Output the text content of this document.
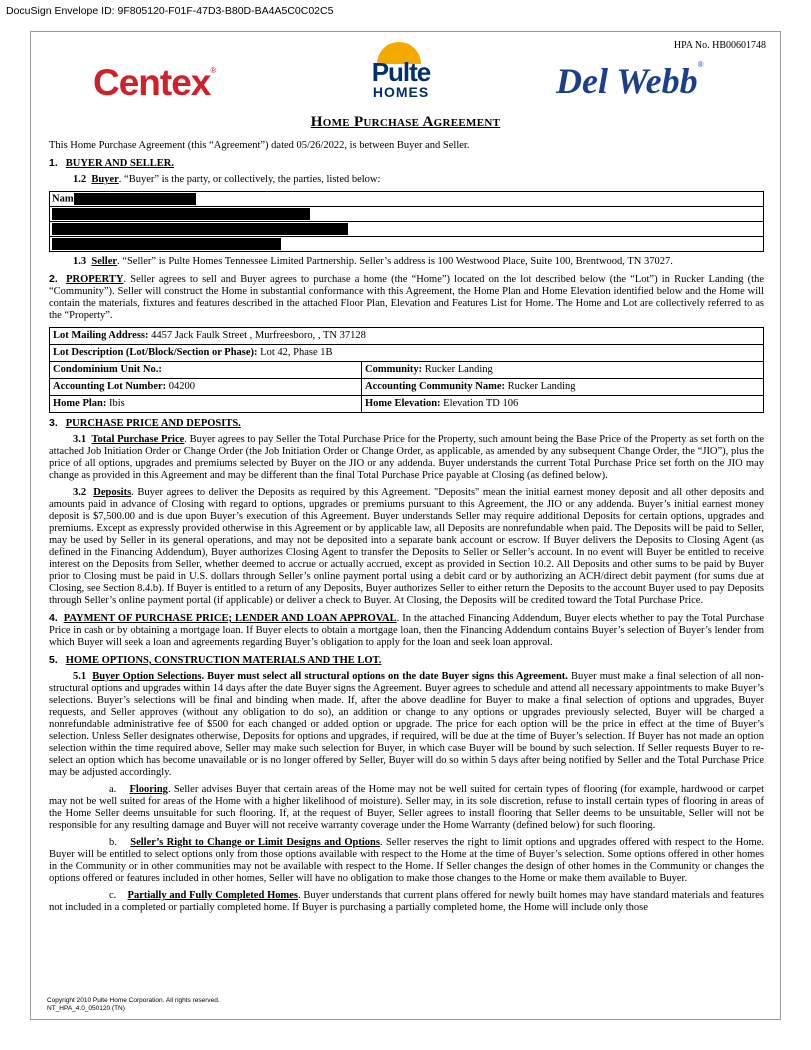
DocuSign Envelope ID: 9F805120-F01F-47D3-B80D-BA4A5C0C02C5
HPA No. HB00601748
Centex®	Pulte
HOMES	Del Webb®
Home Purchase Agreement

This Home Purchase Agreement (this “Agreement”) dated 05/26/2022, is between Buyer and Seller.

1. BUYER AND SELLER.

1.2 Buyer. “Buyer” is the party, or collectively, the parties, listed below:

Nam

1.3 Seller. “Seller” is Pulte Homes Tennessee Limited Partnership. Seller’s address is 100 Westwood Place, Suite 100, Brentwood, TN 37027.

2. PROPERTY. Seller agrees to sell and Buyer agrees to purchase a home (the “Home”) located on the lot described below (the “Lot”) in Rucker Landing (the “Community”). Seller will construct the Home in substantial conformance with this Agreement, the Home Plan and Home Elevation identified below and the Home will contain the materials, fixtures and features described in the attached Floor Plan, Elevation and Features List for Home. The Home and Lot are collectively referred to as the “Property”.

Lot Mailing Address: 4457 Jack Faulk Street , Murfreesboro, , TN 37128	
Lot Description (Lot/Block/Section or Phase): Lot 42, Phase 1B	
Condominium Unit No.:	Community: Rucker Landing
Accounting Lot Number: 04200	Accounting Community Name: Rucker Landing
Home Plan: Ibis	Home Elevation: Elevation TD 106
3. PURCHASE PRICE AND DEPOSITS.

3.1 Total Purchase Price. Buyer agrees to pay Seller the Total Purchase Price for the Property, such amount being the Base Price of the Property as set forth on the attached Job Initiation Order or Change Order (the Job Initiation Order or Change Order, as applicable, as amended by any subsequent Change Order, the “JIO”), plus the price of all options, upgrades and premiums selected by Buyer on the JIO or any addenda. Buyer understands the current Total Purchase Price set forth on the JIO may change as provided in this Agreement and may be different than the final Total Purchase Price payable at Closing (as defined below).

3.2 Deposits. Buyer agrees to deliver the Deposits as required by this Agreement. "Deposits" mean the initial earnest money deposit and all other deposits and amounts paid in advance of Closing with regard to options, upgrades or premiums pursuant to this Agreement, the JIO or any addenda. Buyer’s initial earnest money deposit is $7,500.00 and is due upon Buyer’s execution of this Agreement. Buyer understands Seller may require additional Deposits for certain options, upgrades and premiums. Except as expressly provided otherwise in this Agreement or by applicable law, all Deposits are nonrefundable when paid. The Deposits will be paid to Seller, may be used by Seller in its general operations, and may not be deposited into a separate bank account or escrow. If Buyer delivers the Deposits to Closing Agent (as defined in the Financing Addendum), Buyer authorizes Closing Agent to transfer the Deposits to Seller or Seller’s account. In no event will Buyer be entitled to receive interest on the Deposits from Seller, whether deemed to accrue or actually accrued, except as provided in Section 10.2. All Deposits and other sums to be paid by Buyer prior to Closing must be paid in U.S. dollars through Seller’s online payment portal using a debit card or by authorizing an ACH/direct debit payment (for sums due at Closing, see Section 8.4.b). If Buyer is entitled to a return of any Deposits, Buyer authorizes Seller to either return the Deposits to the account Buyer used to pay Deposits through Seller’s online payment portal (if applicable) or deliver a check to Buyer. At Closing, the Deposits will be credited toward the Total Purchase Price.

4. PAYMENT OF PURCHASE PRICE; LENDER AND LOAN APPROVAL. In the attached Financing Addendum, Buyer elects whether to pay the Total Purchase Price in cash or by obtaining a mortgage loan. If Buyer elects to obtain a mortgage loan, then the Financing Addendum contains Buyer’s selection of Buyer’s lender from which Buyer will seek a loan and agreements regarding Buyer’s obligation to apply for the loan and seek loan approval.

5. HOME OPTIONS, CONSTRUCTION MATERIALS AND THE LOT.

5.1 Buyer Option Selections. Buyer must select all structural options on the date Buyer signs this Agreement. Buyer must make a final selection of all non-structural options and upgrades within 14 days after the date Buyer signs the Agreement. Buyer agrees to schedule and attend all necessary appointments to make Buyer’s selections. Buyer’s selections will be final and binding when made. If, after the above deadline for Buyer to make a final selection of options and upgrades, Buyer requests, and Seller approves (without any obligation to do so), an addition or change to any options or upgrades previously selected, Buyer will be charged a nonrefundable administrative fee of $500 for each changed or added option or upgrade. The price for each option will be the price in effect at the time of Buyer’s selection. Unless Seller designates otherwise, Deposits for options and upgrades, if required, will be due at the time of Buyer’s selection. If Buyer has not made an option selection within the time required above, Seller may make such selection for Buyer, in which case Buyer will be bound by such selection. If Seller requests Buyer to re-select an option which has become unavailable or is no longer offered by Seller, Buyer will do so within 5 days after being notified by Seller and the Total Purchase Price may be adjusted accordingly.

a. Flooring. Seller advises Buyer that certain areas of the Home may not be well suited for certain types of flooring (for example, hardwood or carpet may not be well suited for areas of the Home with a higher likelihood of moisture). Seller may, in its sole discretion, refuse to install certain types of flooring in areas of the Home Seller deems unsuitable for such flooring. If, at the request of Buyer, Seller agrees to install flooring that Seller deems to be unsuitable, Seller will not be responsible for any resulting damage and Buyer will not receive warranty coverage under the Home Warranty (defined below) for such flooring.

b. Seller’s Right to Change or Limit Designs and Options. Seller reserves the right to limit options and upgrades offered with respect to the Home. Buyer will be entitled to select options only from those options available with respect to the Home at the time of Buyer’s selection. Some options offered in other homes in the Community or in other communities may not be available with respect to the Home. If Seller changes the design of other homes in the Community or changes the options offered or features included in other homes, Seller will have no obligation to make those changes to the Home or make them available to Buyer.

c. Partially and Fully Completed Homes. Buyer understands that current plans offered for newly built homes may have standard materials and features not included in a completed or partially completed home. If Buyer is purchasing a partially completed home, the Home will include only those

Copyright 2010 Pulte Home Corporation. All rights reserved.
NT_HPA_4.0_050120 (TN)
